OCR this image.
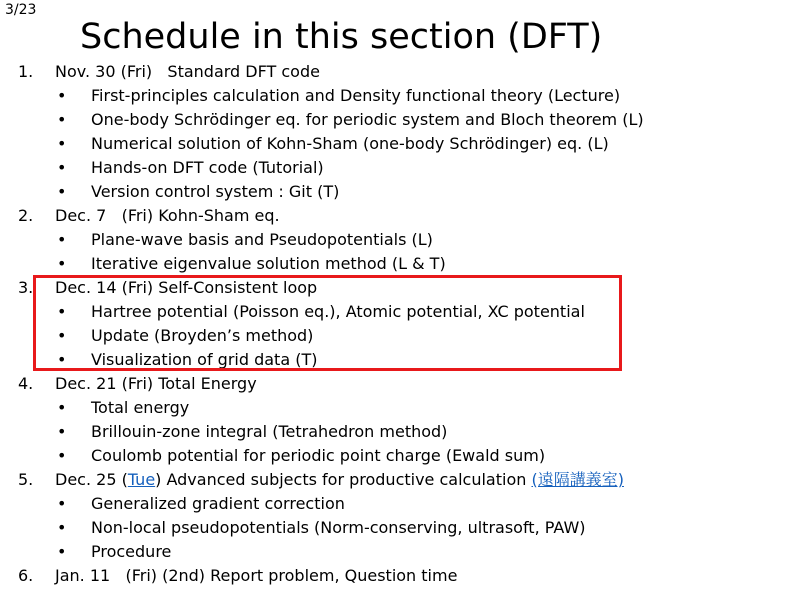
3/23
Schedule in this section (DFT)
1. Nov. 30 (Fri)   Standard DFT code
• First-principles calculation and Density functional theory (Lecture)
• One-body Schrödinger eq. for periodic system and Bloch theorem (L)
• Numerical solution of Kohn-Sham (one-body Schrödinger) eq. (L)
• Hands-on DFT code (Tutorial)
• Version control system : Git (T)
2. Dec. 7   (Fri) Kohn-Sham eq.
• Plane-wave basis and Pseudopotentials (L)
• Iterative eigenvalue solution method (L & T)
3. Dec. 14 (Fri) Self-Consistent loop
• Hartree potential (Poisson eq.), Atomic potential, XC potential
• Update (Broyden’s method)
• Visualization of grid data (T)
4. Dec. 21 (Fri) Total Energy
• Total energy
• Brillouin-zone integral (Tetrahedron method)
• Coulomb potential for periodic point charge (Ewald sum)
5. Dec. 25 (Tue) Advanced subjects for productive calculation (遠隔講義室)
• Generalized gradient correction
• Non-local pseudopotentials (Norm-conserving, ultrasoft, PAW)
• Procedure
6. Jan. 11   (Fri) (2nd) Report problem, Question time
